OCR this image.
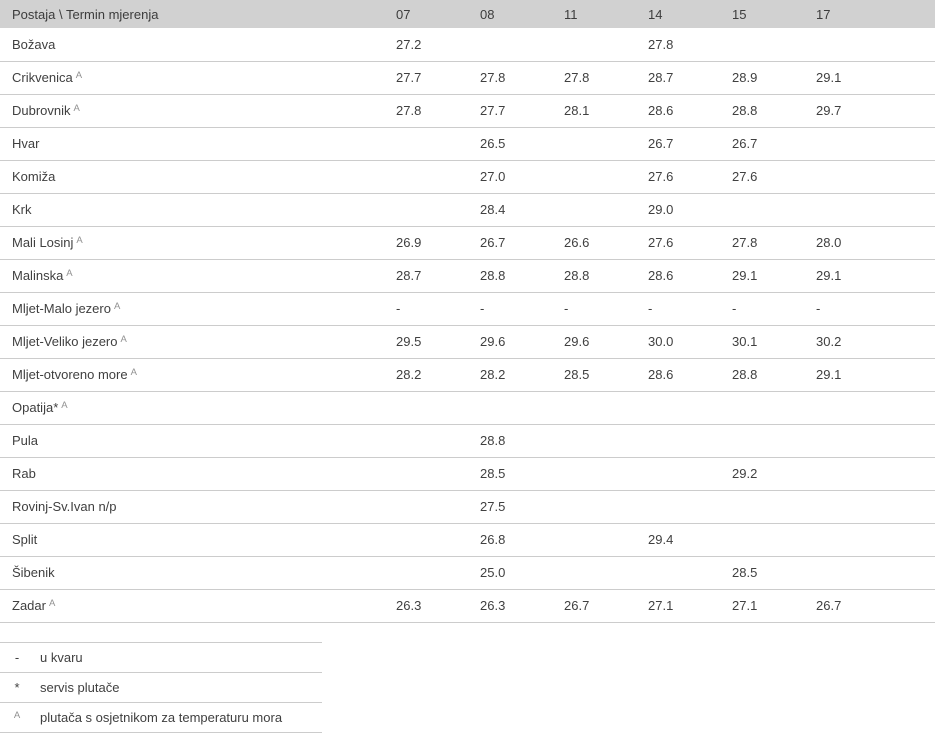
Postaja \ Termin mjerenja	07	08	11	14	15	17	
Božava	27.2			27.8			
Crikvenica $^A$	27.7	27.8	27.8	28.7	28.9	29.1	
Dubrovnik $^A$	27.8	27.7	28.1	28.6	28.8	29.7	
Hvar		26.5		26.7	26.7		
Komiža		27.0		27.6	27.6		
Krk		28.4		29.0			
Mali Losinj $^A$	26.9	26.7	26.6	27.6	27.8	28.0	
Malinska $^A$	28.7	28.8	28.8	28.6	29.1	29.1	
Mljet-Malo jezero $^A$	-	-	-	-	-	-	
Mljet-Veliko jezero $^A$	29.5	29.6	29.6	30.0	30.1	30.2	
Mljet-otvoreno more $^A$	28.2	28.2	28.5	28.6	28.8	29.1	
Opatija* $^A$							
Pula		28.8					
Rab		28.5			29.2		
Rovinj-Sv.Ivan n/p		27.5					
Split		26.8		29.4			
Šibenik		25.0			28.5		
Zadar $^A$	26.3	26.3	26.7	27.1	27.1	26.7	
-	u kvaru
*	servis plutače
$^A$	plutača s osjetnikom za temperaturu mora
